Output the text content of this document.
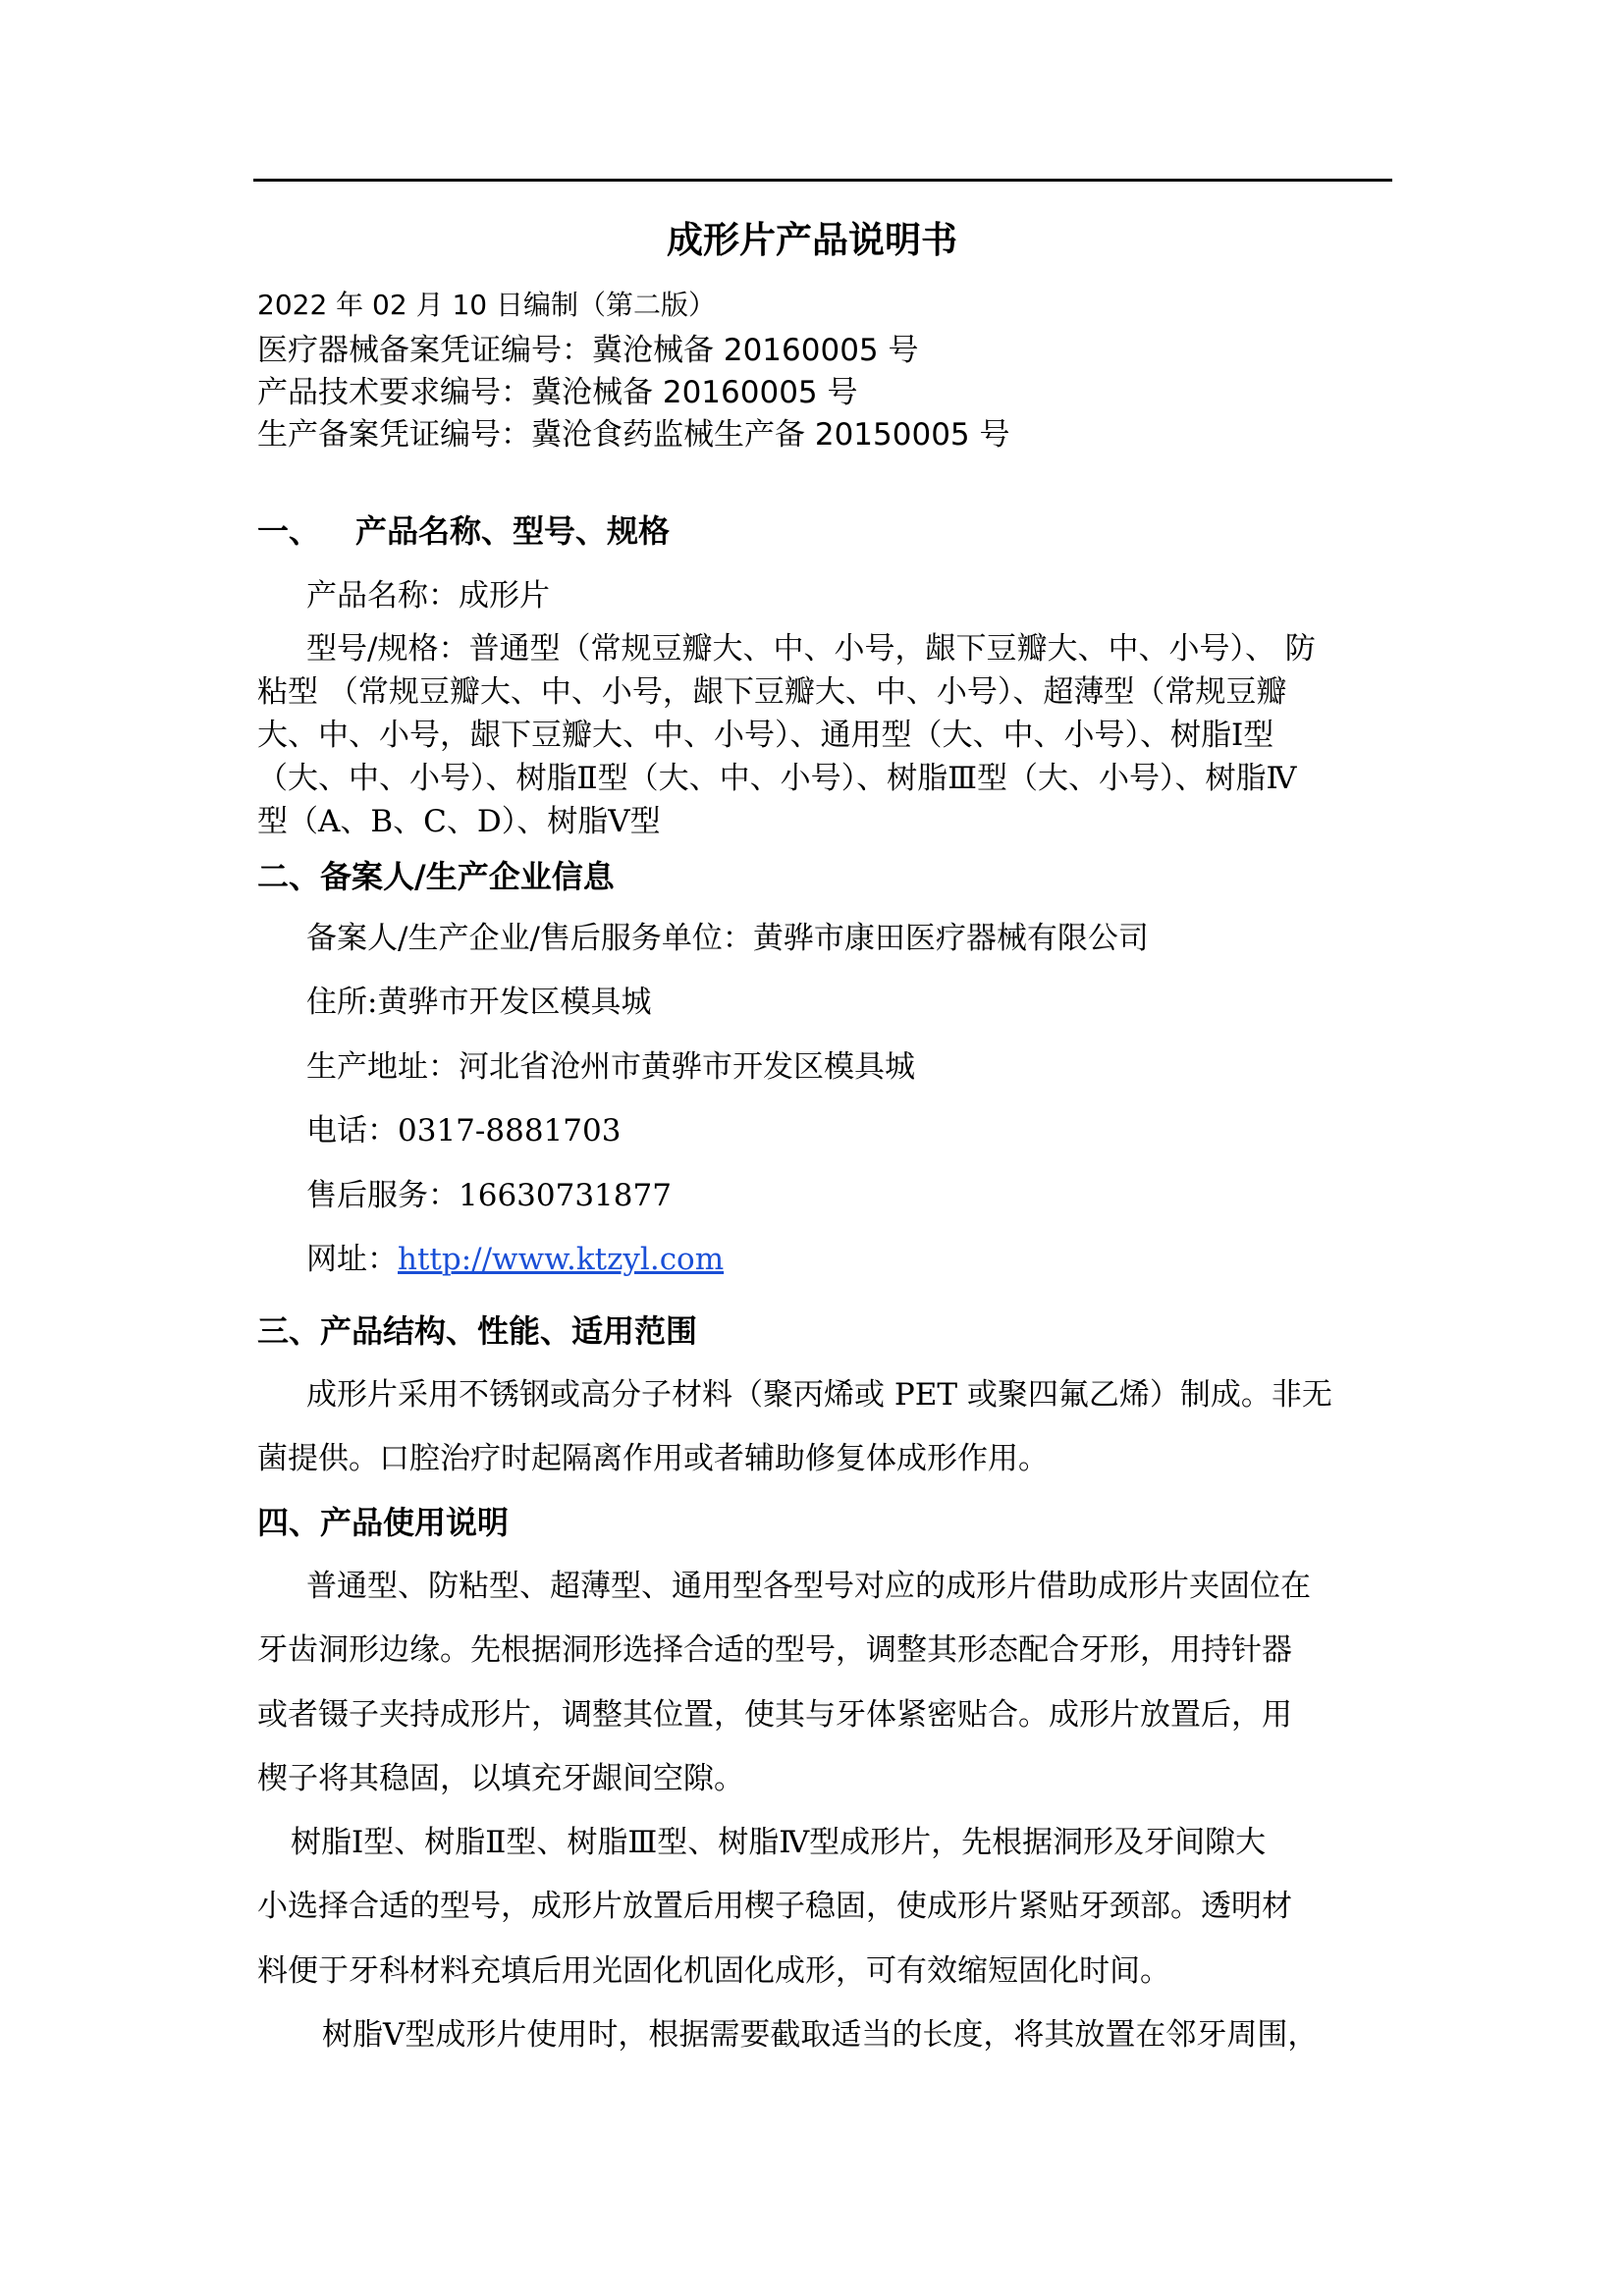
成形片产品说明书
2022 年 02 月 10 日编制（第二版）
医疗器械备案凭证编号：冀沧械备 20160005 号
产品技术要求编号：冀沧械备 20160005 号
生产备案凭证编号：冀沧食药监械生产备 20150005 号
一、 产品名称、型号、规格
产品名称：成形片
型号/规格：普通型（常规豆瓣大、中、小号，龈下豆瓣大、中、小号）、 防
粘型 （常规豆瓣大、中、小号，龈下豆瓣大、中、小号）、超薄型（常规豆瓣
大、中、小号，龈下豆瓣大、中、小号）、通用型（大、中、小号）、树脂Ⅰ型
（大、中、小号）、树脂Ⅱ型（大、中、小号）、树脂Ⅲ型（大、小号）、树脂Ⅳ
型（A、B、C、D）、树脂Ⅴ型
二、备案人/生产企业信息
备案人/生产企业/售后服务单位：黄骅市康田医疗器械有限公司
住所:黄骅市开发区模具城
生产地址：河北省沧州市黄骅市开发区模具城
电话：0317-8881703
售后服务：16630731877
网址：http://www.ktzyl.com
三、产品结构、性能、适用范围
成形片采用不锈钢或高分子材料（聚丙烯或 PET 或聚四氟乙烯）制成。非无
菌提供。口腔治疗时起隔离作用或者辅助修复体成形作用。
四、产品使用说明
普通型、防粘型、超薄型、通用型各型号对应的成形片借助成形片夹固位在
牙齿洞形边缘。先根据洞形选择合适的型号，调整其形态配合牙形，用持针器
或者镊子夹持成形片，调整其位置，使其与牙体紧密贴合。成形片放置后，用
楔子将其稳固，以填充牙龈间空隙。
树脂Ⅰ型、树脂Ⅱ型、树脂Ⅲ型、树脂Ⅳ型成形片，先根据洞形及牙间隙大
小选择合适的型号，成形片放置后用楔子稳固，使成形片紧贴牙颈部。透明材
料便于牙科材料充填后用光固化机固化成形，可有效缩短固化时间。
树脂Ⅴ型成形片使用时，根据需要截取适当的长度，将其放置在邻牙周围，
